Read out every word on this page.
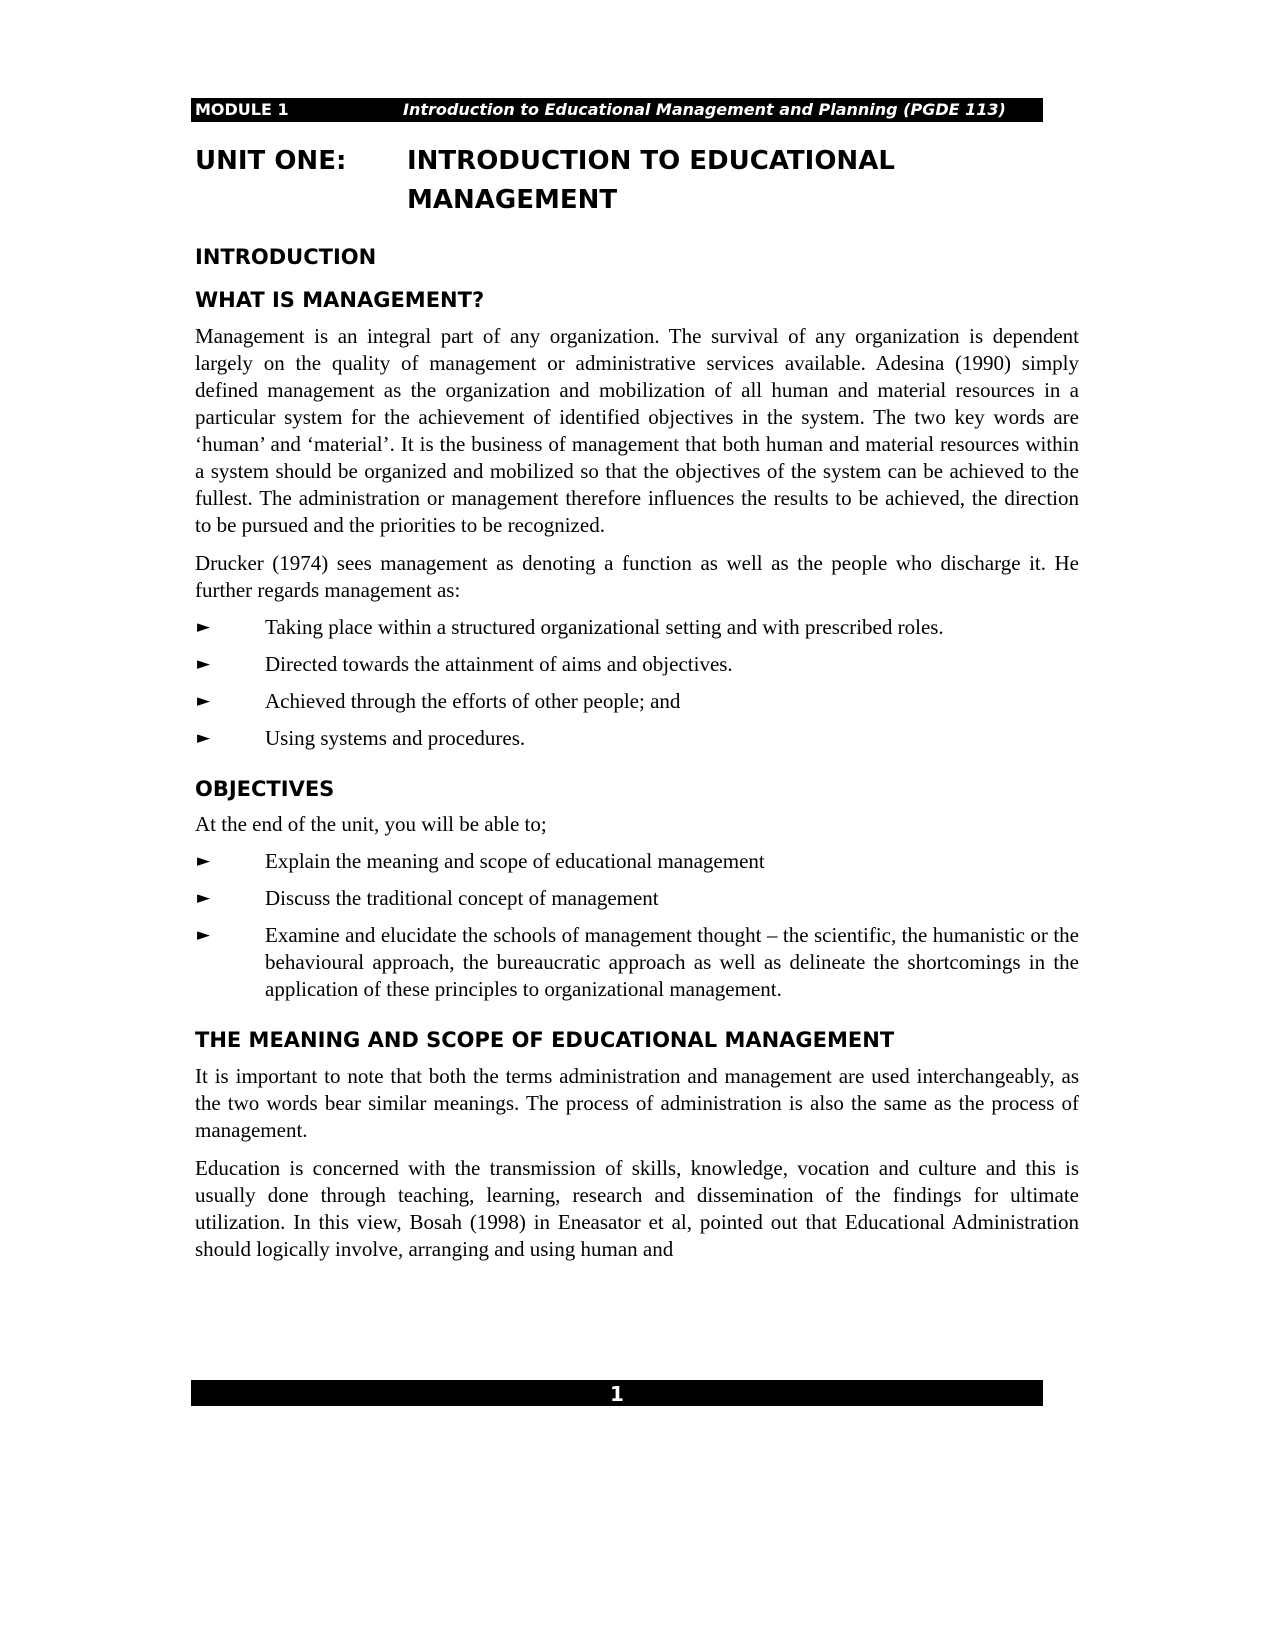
MODULE 1	Introduction to Educational Management and Planning (PGDE 113)
UNIT ONE: INTRODUCTION TO EDUCATIONAL MANAGEMENT
INTRODUCTION
WHAT IS MANAGEMENT?

Management is an integral part of any organization. The survival of any organization is dependent largely on the quality of management or administrative services available. Adesina (1990) simply defined management as the organization and mobilization of all human and material resources in a particular system for the achievement of identified objectives in the system. The two key words are ‘human’ and ‘material’. It is the business of management that both human and material resources within a system should be organized and mobilized so that the objectives of the system can be achieved to the fullest. The administration or management therefore influences the results to be achieved, the direction to be pursued and the priorities to be recognized.

Drucker (1974) sees management as denoting a function as well as the people who discharge it. He further regards management as:

►	Taking place within a structured organizational setting and with prescribed roles.
►	Directed towards the attainment of aims and objectives.
►	Achieved through the efforts of other people; and
►	Using systems and procedures.
OBJECTIVES

At the end of the unit, you will be able to;

►	Explain the meaning and scope of educational management
►	Discuss the traditional concept of management
►	Examine and elucidate the schools of management thought – the scientific, the humanistic or the behavioural approach, the bureaucratic approach as well as delineate the shortcomings in the application of these principles to organizational management.
THE MEANING AND SCOPE OF EDUCATIONAL MANAGEMENT

It is important to note that both the terms administration and management are used interchangeably, as the two words bear similar meanings. The process of administration is also the same as the process of management.

Education is concerned with the transmission of skills, knowledge, vocation and culture and this is usually done through teaching, learning, research and dissemination of the findings for ultimate utilization. In this view, Bosah (1998) in Eneasator et al, pointed out that Educational Administration should logically involve, arranging and using human and

1
